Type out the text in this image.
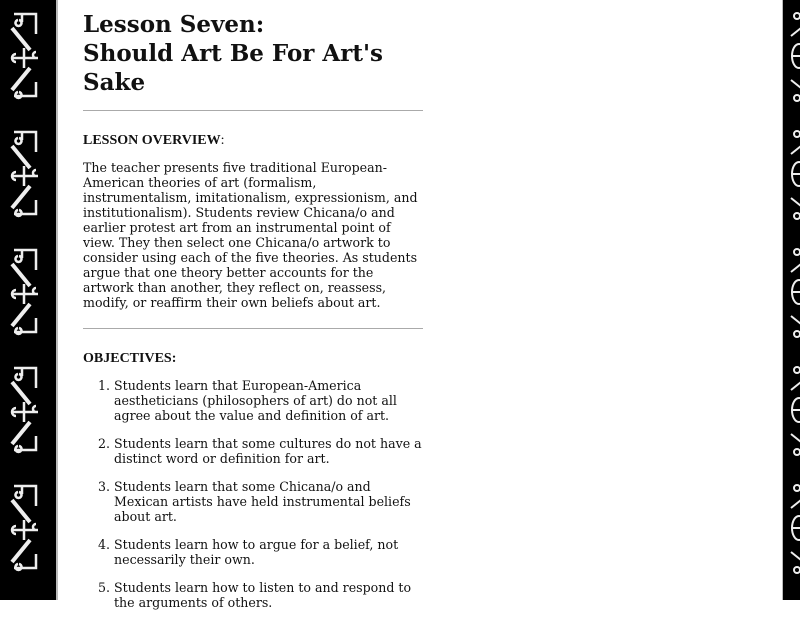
Lesson Seven:
Should Art Be For Art's
Sake
LESSON OVERVIEW:

The teacher presents five traditional European-American theories of art (formalism, instrumentalism, imitationalism, expressionism, and institutionalism). Students review Chicana/o and earlier protest art from an instrumental point of view. They then select one Chicana/o artwork to consider using each of the five theories. As students argue that one theory better accounts for the artwork than another, they reflect on, reassess, modify, or reaffirm their own beliefs about art.

OBJECTIVES:
1. Students learn that European-America aestheticians (philosophers of art) do not all agree about the value and definition of art.
2. Students learn that some cultures do not have a distinct word or definition for art.
3. Students learn that some Chicana/o and Mexican artists have held instrumental beliefs about art.
4. Students learn how to argue for a belief, not necessarily their own.
5. Students learn how to listen to and respond to the arguments of others.
